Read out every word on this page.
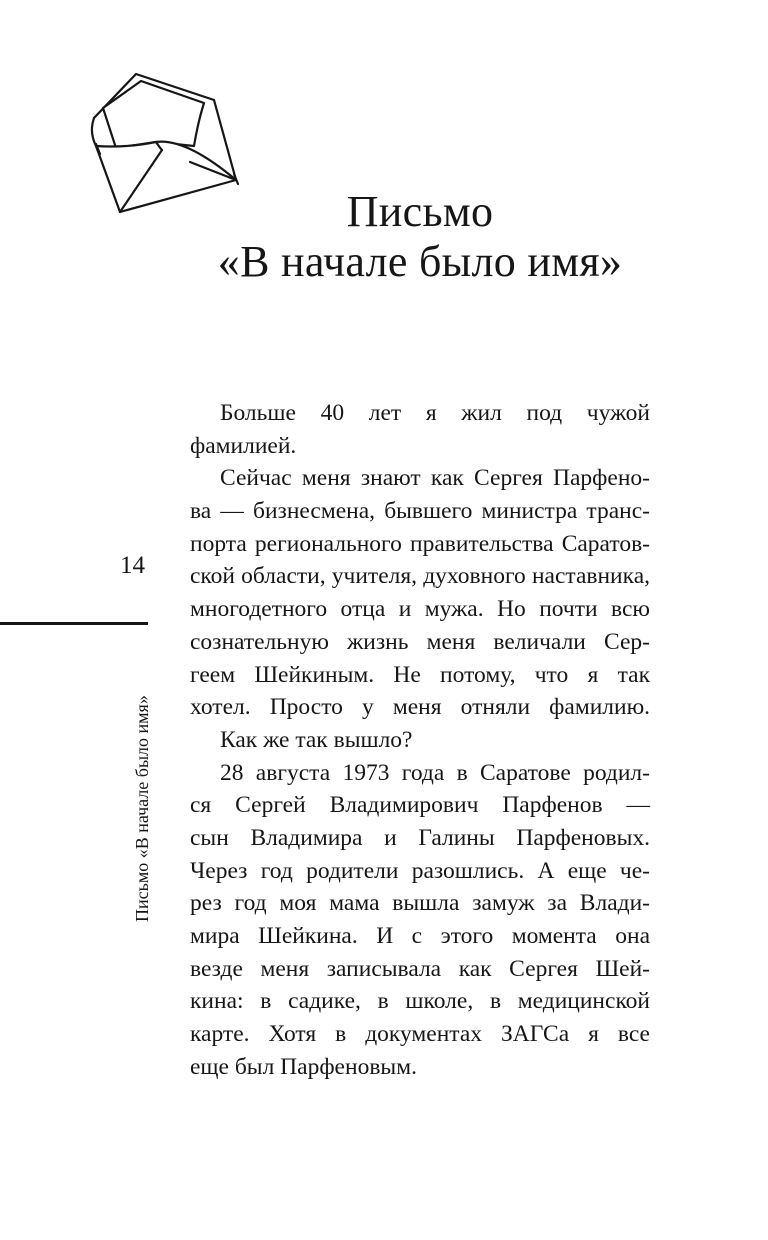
Письмо
«В начале было имя»
14
Письмо «В начале было имя»
Больше 40 лет я жил под чужой
фамилией.
Сейчас меня знают как Сергея Парфено-
ва — бизнесмена, бывшего министра транс-
порта регионального правительства Саратов-
ской области, учителя, духовного наставника,
многодетного отца и мужа. Но почти всю
сознательную жизнь меня величали Сер-
геем Шейкиным. Не потому, что я так
хотел. Просто у меня отняли фамилию.
Как же так вышло?
28 августа 1973 года в Саратове родил-
ся Сергей Владимирович Парфенов —
сын Владимира и Галины Парфеновых.
Через год родители разошлись. А еще че-
рез год моя мама вышла замуж за Влади-
мира Шейкина. И с этого момента она
везде меня записывала как Сергея Шей-
кина: в садике, в школе, в медицинской
карте. Хотя в документах ЗАГСа я все
еще был Парфеновым.
